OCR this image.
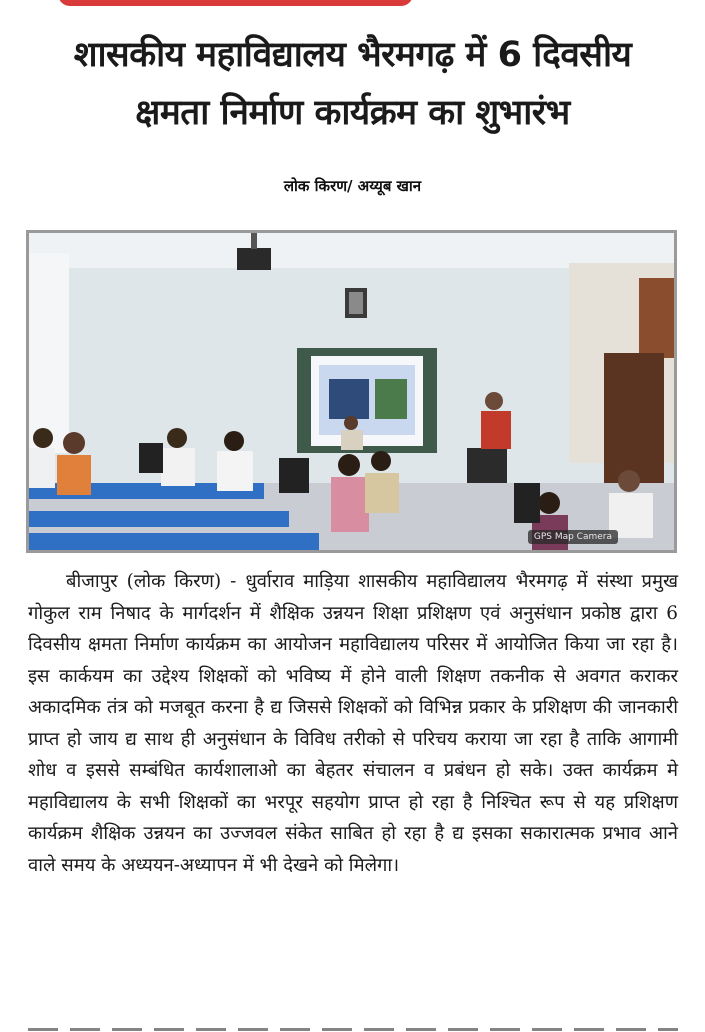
शासकीय महाविद्यालय भैरमगढ़ में 6 दिवसीय
क्षमता निर्माण कार्यक्रम का शुभारंभ
लोक किरण/ अय्यूब खान
GPS Map Camera
बीजापुर (लोक किरण) - धुर्वाराव माड़िया शासकीय महाविद्यालय भैरमगढ़ में संस्था प्रमुख गोकुल राम निषाद के मार्गदर्शन में शैक्षिक उन्नयन शिक्षा प्रशिक्षण एवं अनुसंधान प्रकोष्ठ द्वारा 6 दिवसीय क्षमता निर्माण कार्यक्रम का आयोजन महाविद्यालय परिसर में आयोजित किया जा रहा है। इस कार्कयम का उद्देश्य शिक्षकों को भविष्य में होने वाली शिक्षण तकनीक से अवगत कराकर अकादमिक तंत्र को मजबूत करना है द्य जिससे शिक्षकों को विभिन्न प्रकार के प्रशिक्षण की जानकारी प्राप्त हो जाय द्य साथ ही अनुसंधान के विविध तरीको से परिचय कराया जा रहा है ताकि आगामी शोध व इससे सम्बंधित कार्यशालाओ का बेहतर संचालन व प्रबंधन हो सके। उक्त कार्यक्रम मे महाविद्यालय के सभी शिक्षकों का भरपूर सहयोग प्राप्त हो रहा है निश्चित रूप से यह प्रशिक्षण कार्यक्रम शैक्षिक उन्नयन का उज्जवल संकेत साबित हो रहा है द्य इसका सकारात्मक प्रभाव आने वाले समय के अध्ययन-अध्यापन में भी देखने को मिलेगा।
